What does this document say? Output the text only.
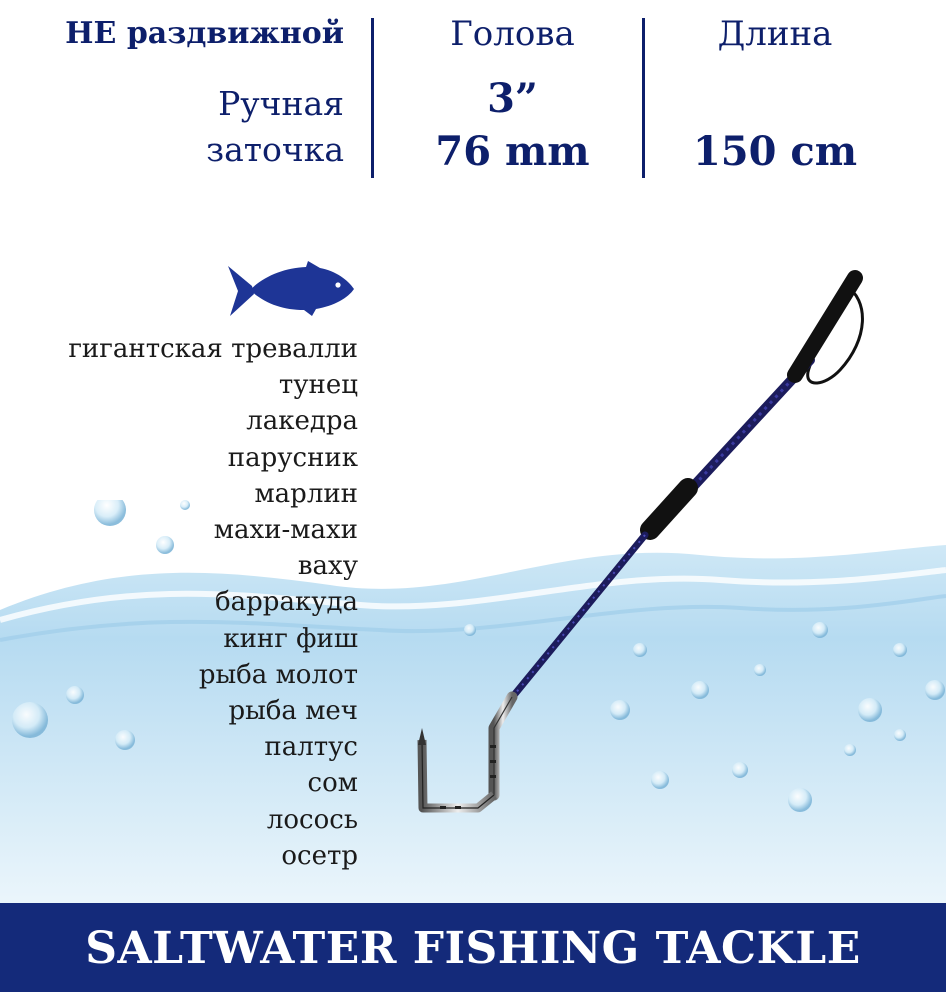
НЕ раздвижной
Ручная
заточка
Голова
3”
76 mm
Длина
150 cm
гигантская тревалли
тунец
лакедра
парусник
марлин
махи-махи
ваху
барракуда
кинг фиш
рыба молот
рыба меч
палтус
сом
лосось
осетр
SALTWATER FISHING TACKLE
